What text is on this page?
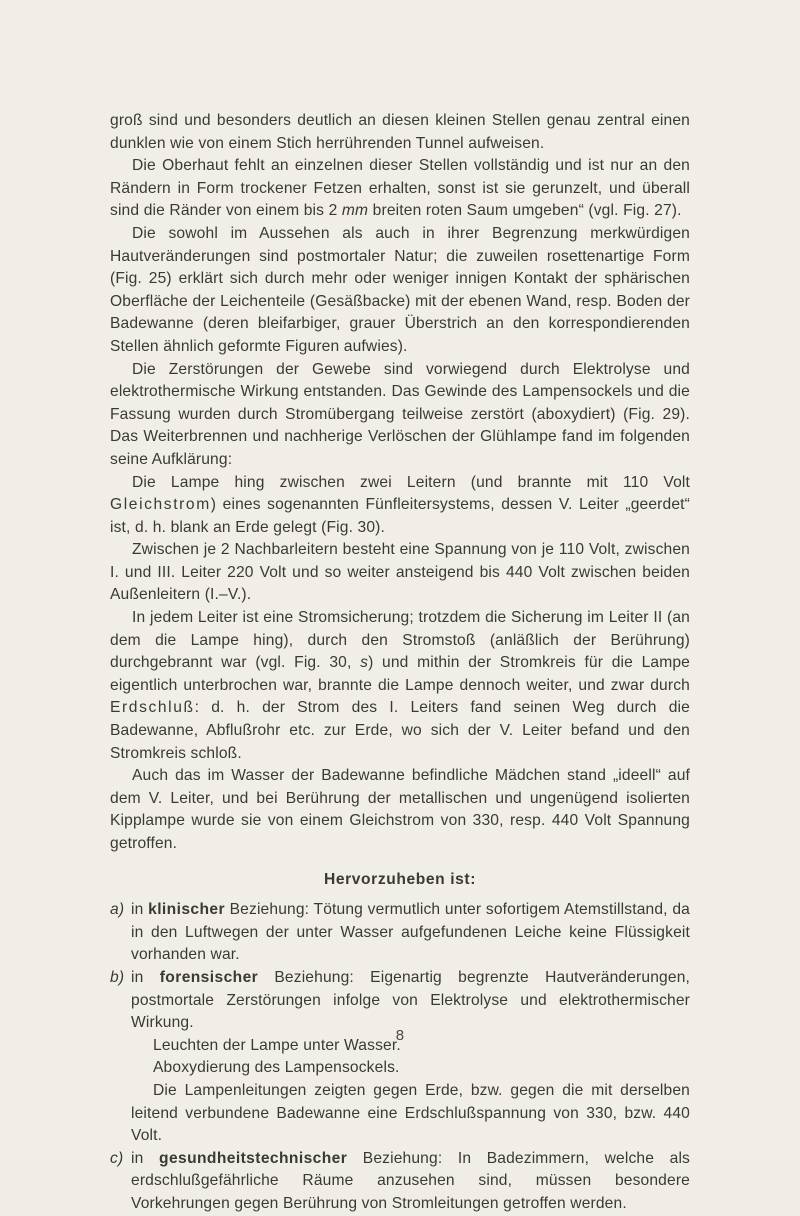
groß sind und besonders deutlich an diesen kleinen Stellen genau zentral einen dunklen wie von einem Stich herrührenden Tunnel aufweisen.

Die Oberhaut fehlt an einzelnen dieser Stellen vollständig und ist nur an den Rändern in Form trockener Fetzen erhalten, sonst ist sie gerunzelt, und überall sind die Ränder von einem bis 2 mm breiten roten Saum umgeben“ (vgl. Fig. 27).

Die sowohl im Aussehen als auch in ihrer Begrenzung merkwürdigen Hautveränderungen sind postmortaler Natur; die zuweilen rosettenartige Form (Fig. 25) erklärt sich durch mehr oder weniger innigen Kontakt der sphärischen Oberfläche der Leichenteile (Gesäßbacke) mit der ebenen Wand, resp. Boden der Badewanne (deren bleifarbiger, grauer Überstrich an den korrespondierenden Stellen ähnlich geformte Figuren aufwies).

Die Zerstörungen der Gewebe sind vorwiegend durch Elektrolyse und elektrothermische Wirkung entstanden. Das Gewinde des Lampensockels und die Fassung wurden durch Stromübergang teilweise zerstört (aboxydiert) (Fig. 29). Das Weiterbrennen und nachherige Verlöschen der Glühlampe fand im folgenden seine Aufklärung:

Die Lampe hing zwischen zwei Leitern (und brannte mit 110 Volt Gleichstrom) eines sogenannten Fünfleitersystems, dessen V. Leiter „geerdet“ ist, d. h. blank an Erde gelegt (Fig. 30).

Zwischen je 2 Nachbarleitern besteht eine Spannung von je 110 Volt, zwischen I. und III. Leiter 220 Volt und so weiter ansteigend bis 440 Volt zwischen beiden Außenleitern (I.–V.).

In jedem Leiter ist eine Stromsicherung; trotzdem die Sicherung im Leiter II (an dem die Lampe hing), durch den Stromstoß (anläßlich der Berührung) durchgebrannt war (vgl. Fig. 30, s) und mithin der Stromkreis für die Lampe eigentlich unterbrochen war, brannte die Lampe dennoch weiter, und zwar durch Erdschluß: d. h. der Strom des I. Leiters fand seinen Weg durch die Badewanne, Abflußrohr etc. zur Erde, wo sich der V. Leiter befand und den Stromkreis schloß.

Auch das im Wasser der Badewanne befindliche Mädchen stand „ideell“ auf dem V. Leiter, und bei Berührung der metallischen und ungenügend isolierten Kipplampe wurde sie von einem Gleichstrom von 330, resp. 440 Volt Spannung getroffen.

Hervorzuheben ist:

a) in klinischer Beziehung: Tötung vermutlich unter sofortigem Atemstillstand, da in den Luftwegen der unter Wasser aufgefundenen Leiche keine Flüssigkeit vorhanden war.

b) in forensischer Beziehung: Eigenartig begrenzte Hautveränderungen, postmortale Zerstörungen infolge von Elektrolyse und elektrothermischer Wirkung.

Leuchten der Lampe unter Wasser.

Aboxydierung des Lampensockels.

Die Lampenleitungen zeigten gegen Erde, bzw. gegen die mit derselben leitend verbundene Badewanne eine Erdschlußspannung von 330, bzw. 440 Volt.

c) in gesundheitstechnischer Beziehung: In Badezimmern, welche als erdschlußgefährliche Räume anzusehen sind, müssen besondere Vorkehrungen gegen Berührung von Stromleitungen getroffen werden.

8
